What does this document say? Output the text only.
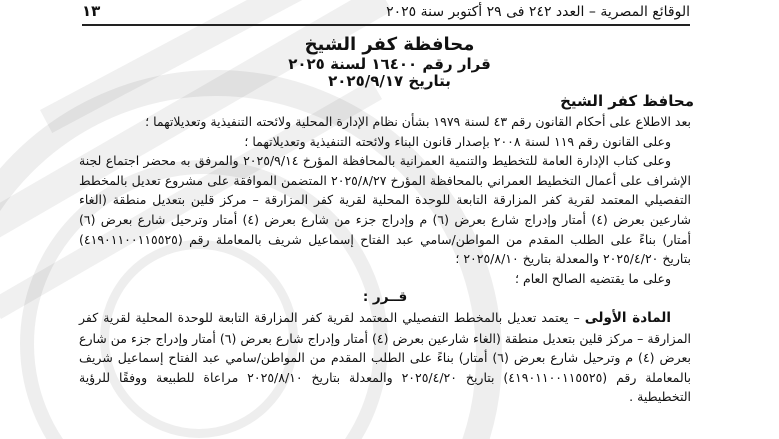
الوقائع المصرية – العدد ٢٤٢ فى ٢٩ أكتوبر سنة ٢٠٢٥
١٣
محافظة كفر الشيخ
قرار رقم ١٦٤٠٠ لسنة ٢٠٢٥
بتاريخ ٢٠٢٥/٩/١٧
محافظ كفر الشيخ

بعد الاطلاع على أحكام القانون رقم ٤٣ لسنة ١٩٧٩ بشأن نظام الإدارة المحلية ولائحته التنفيذية وتعديلاتهما ؛

وعلى القانون رقم ١١٩ لسنة ٢٠٠٨ بإصدار قانون البناء ولائحته التنفيذية وتعديلاتهما ؛

وعلى كتاب الإدارة العامة للتخطيط والتنمية العمرانية بالمحافظة المؤرخ ٢٠٢٥/٩/١٤ والمرفق به محضر اجتماع لجنة الإشراف على أعمال التخطيط العمراني بالمحافظة المؤرخ ٢٠٢٥/٨/٢٧ المتضمن الموافقة على مشروع تعديل بالمخطط التفصيلي المعتمد لقرية كفر المزارقة التابعة للوحدة المحلية لقرية كفر المزارقة – مركز قلين بتعديل منطقة (الغاء شارعين بعرض (٤) أمتار وإدراج شارع بعرض (٦) م وإدراج جزء من شارع بعرض (٤) أمتار وترحيل شارع بعرض (٦) أمتار) بناءً على الطلب المقدم من المواطن/سامي عبد الفتاح إسماعيل شريف بالمعاملة رقم (٤١٩٠١١٠٠١١٥٥٢٥) بتاريخ ٢٠٢٥/٤/٢٠ والمعدلة بتاريخ ٢٠٢٥/٨/١٠ ؛

وعلى ما يقتضيه الصالح العام ؛

قــرر :

المادة الأولى – يعتمد تعديل بالمخطط التفصيلي المعتمد لقرية كفر المزارقة التابعة للوحدة المحلية لقرية كفر المزارقة – مركز قلين بتعديل منطقة (الغاء شارعين بعرض (٤) أمتار وإدراج شارع بعرض (٦) أمتار وإدراج جزء من شارع بعرض (٤) م وترحيل شارع بعرض (٦) أمتار) بناءً على الطلب المقدم من المواطن/سامي عبد الفتاح إسماعيل شريف بالمعاملة رقم (٤١٩٠١١٠٠١١٥٥٢٥) بتاريخ ٢٠٢٥/٤/٢٠ والمعدلة بتاريخ ٢٠٢٥/٨/١٠ مراعاة للطبيعة ووفقًا للرؤية التخطيطية .
